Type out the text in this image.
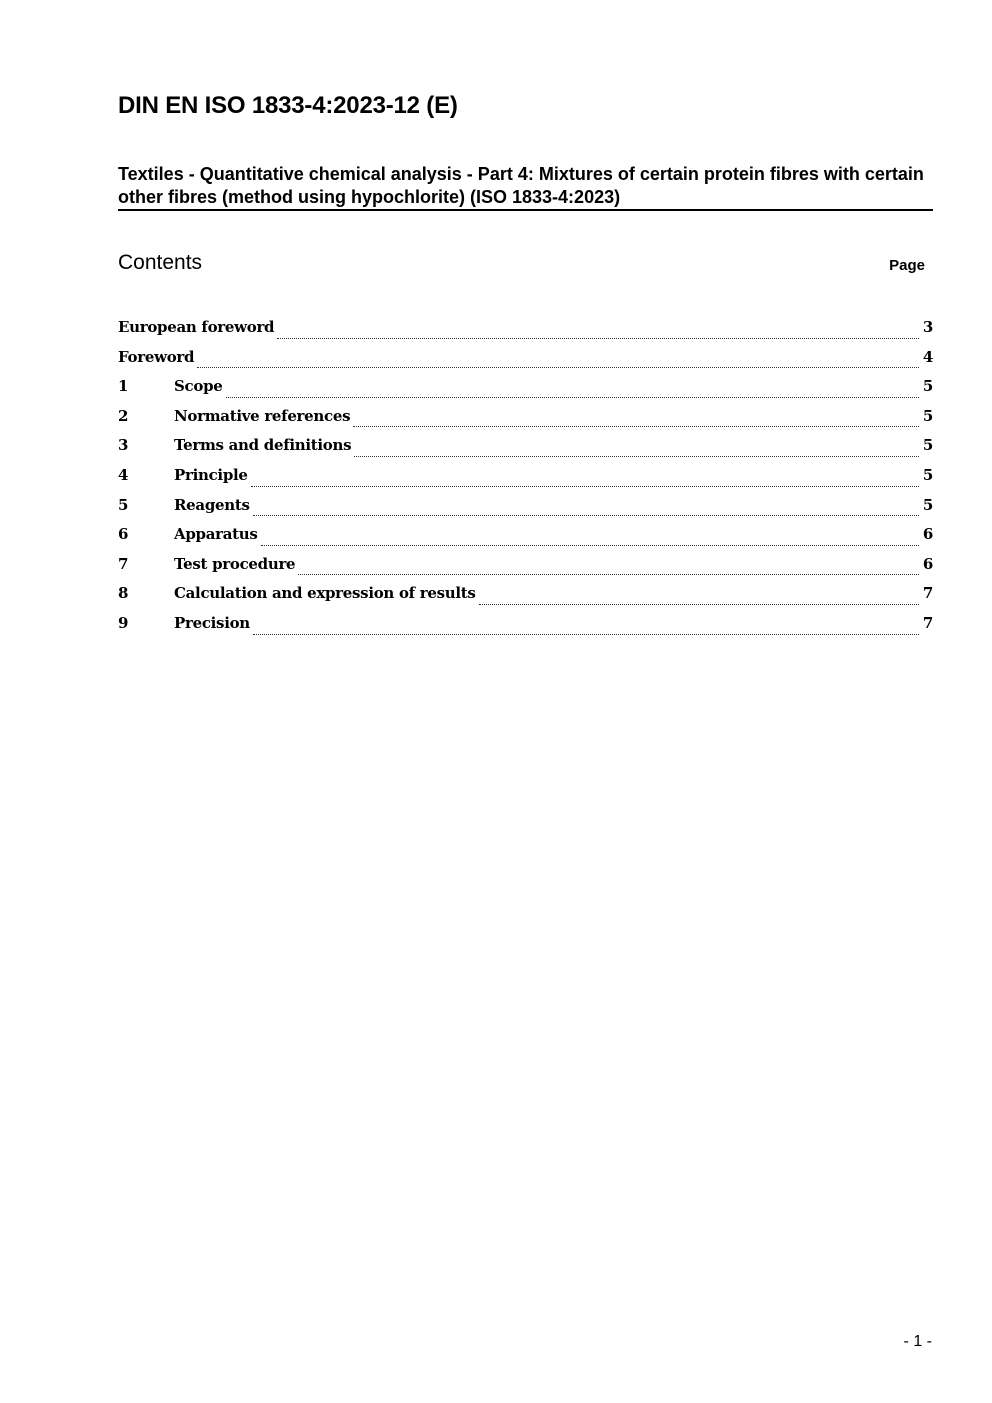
DIN EN ISO 1833-4:2023-12 (E)
Textiles - Quantitative chemical analysis - Part 4: Mixtures of certain protein fibres with certain other fibres (method using hypochlorite) (ISO 1833-4:2023)
Contents	Page
European foreword	3
Foreword	4
1	Scope	5
2	Normative references	5
3	Terms and definitions	5
4	Principle	5
5	Reagents	5
6	Apparatus	6
7	Test procedure	6
8	Calculation and expression of results	7
9	Precision	7
- 1 -
